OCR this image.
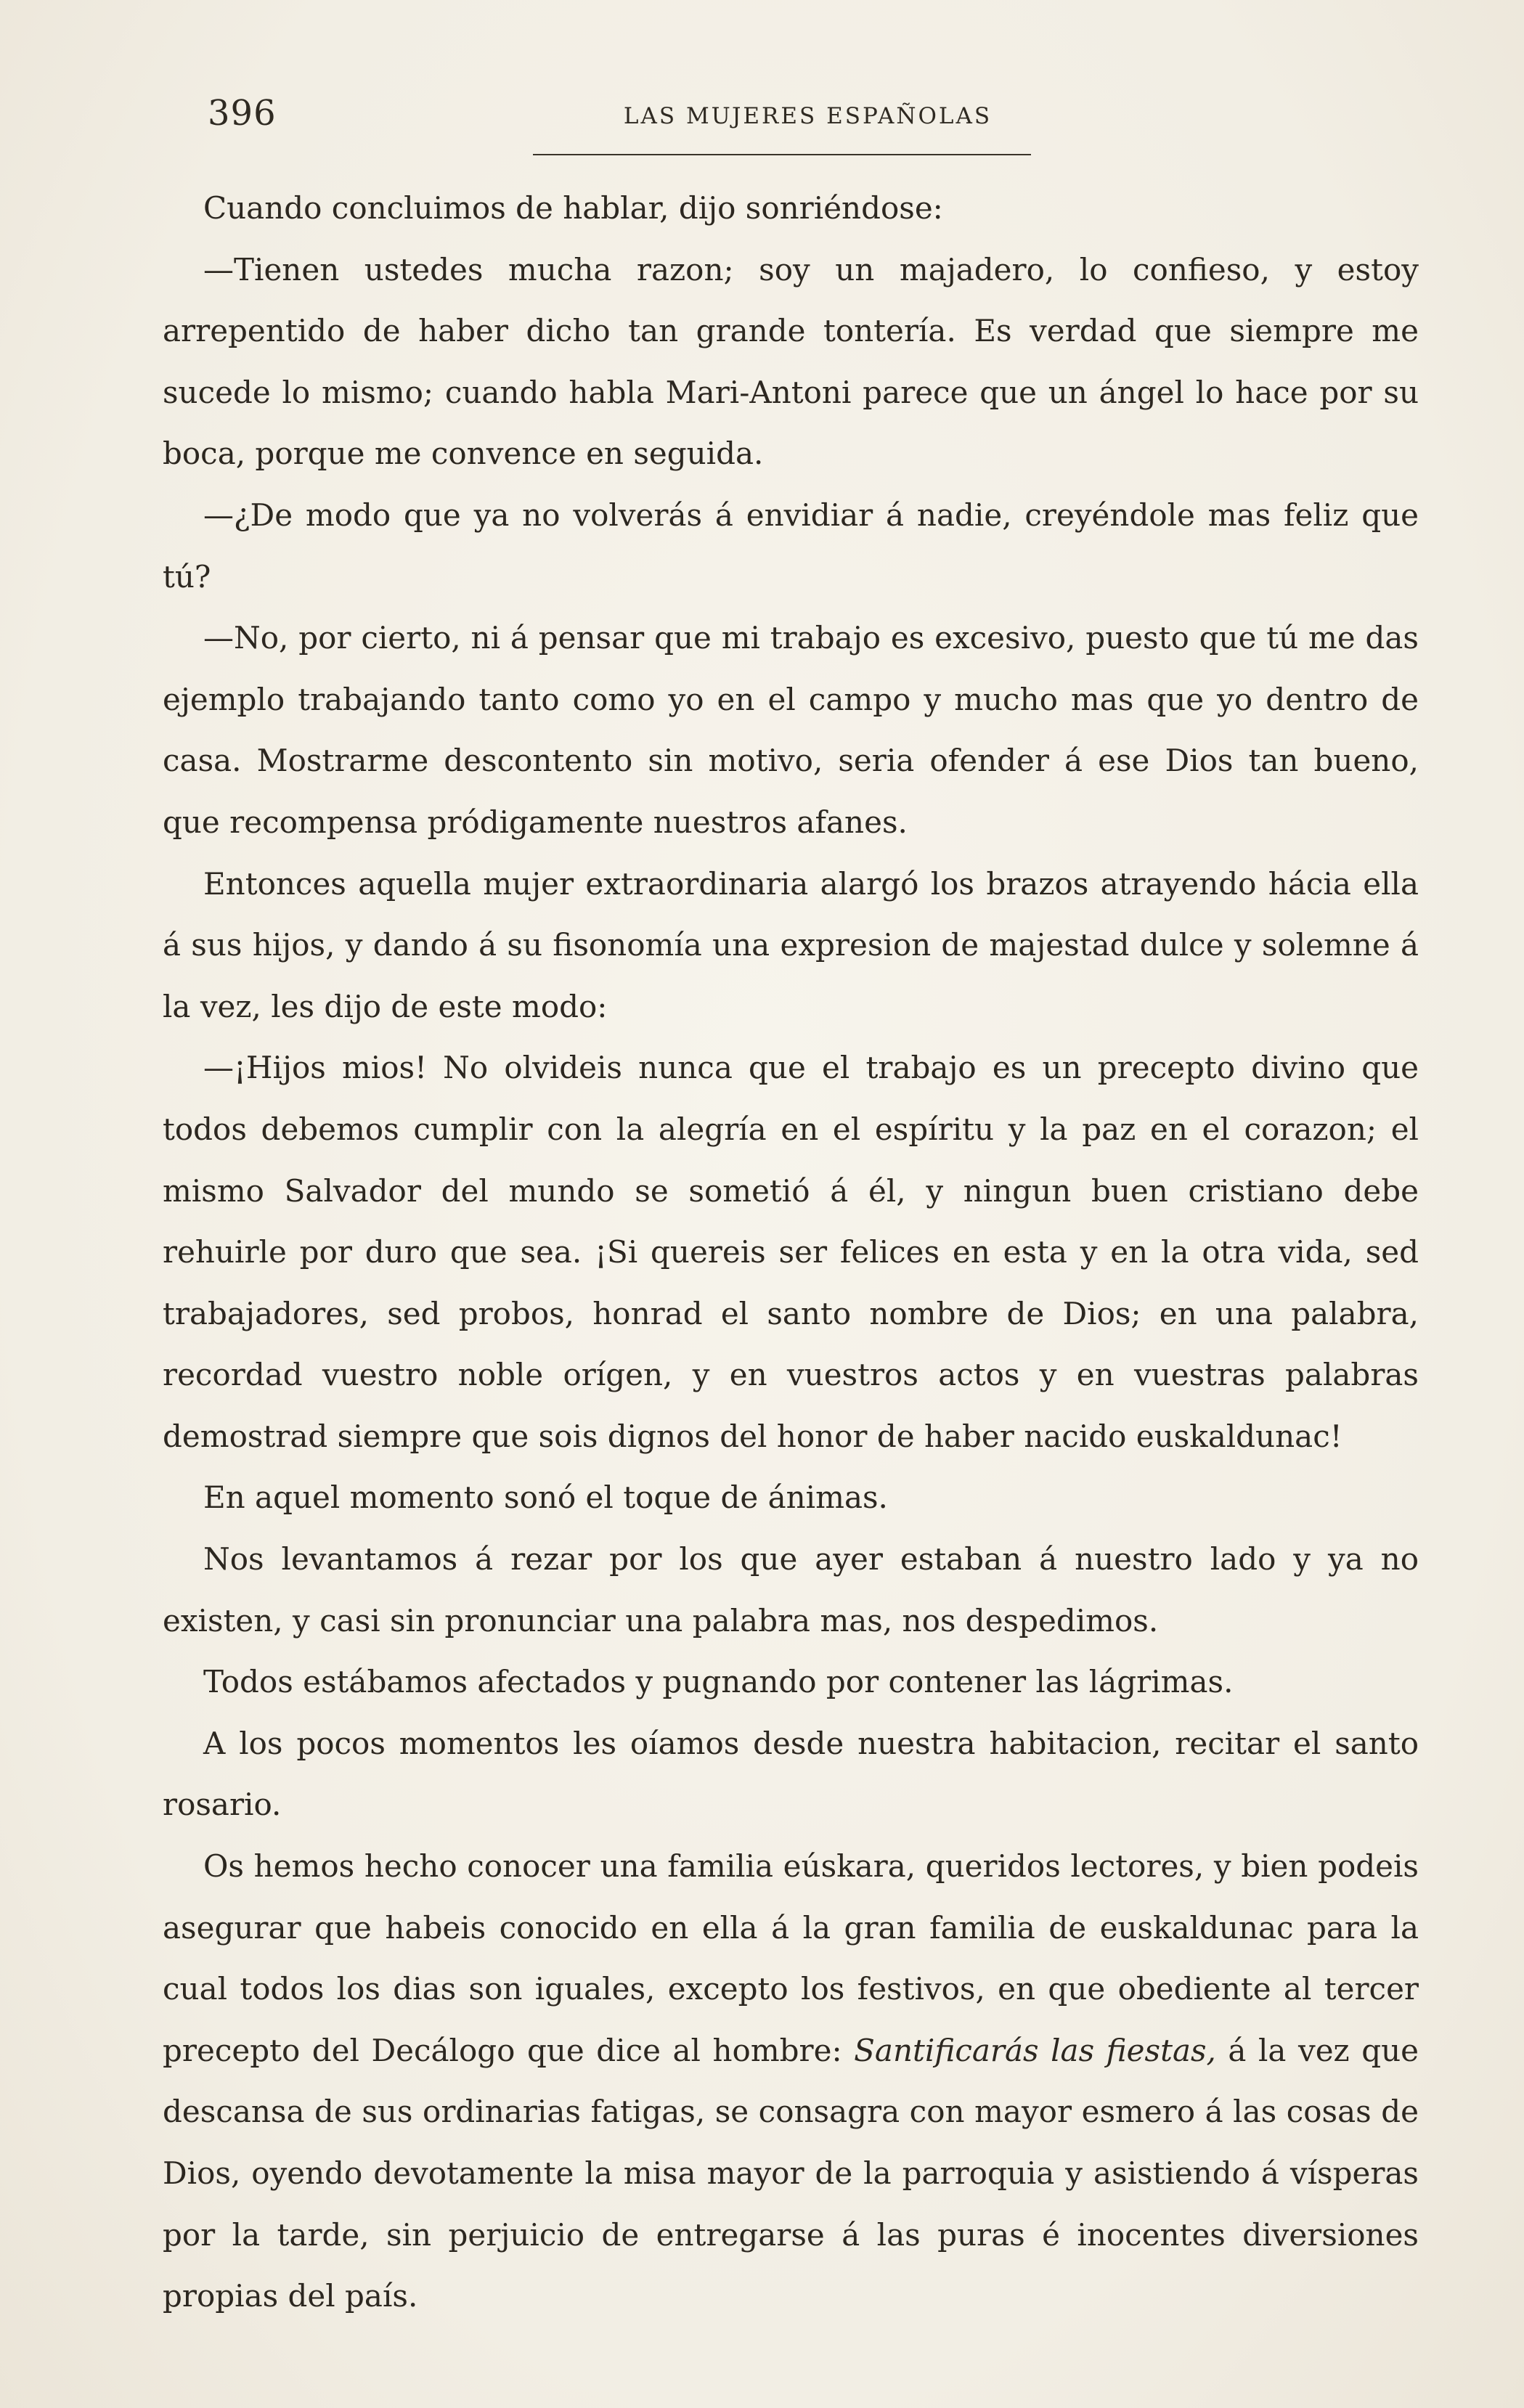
396	LAS MUJERES ESPAÑOLAS

Cuando concluimos de hablar, dijo sonriéndose:

—Tienen ustedes mucha razon; soy un majadero, lo confieso, y estoy arrepentido de haber dicho tan grande tontería. Es verdad que siempre me sucede lo mismo; cuando habla Mari-Antoni parece que un ángel lo hace por su boca, porque me convence en seguida.

—¿De modo que ya no volverás á envidiar á nadie, creyéndole mas feliz que tú?

—No, por cierto, ni á pensar que mi trabajo es excesivo, puesto que tú me das ejemplo trabajando tanto como yo en el campo y mucho mas que yo dentro de casa. Mostrarme descontento sin motivo, seria ofender á ese Dios tan bueno, que recompensa pródigamente nuestros afanes.

Entonces aquella mujer extraordinaria alargó los brazos atrayendo hácia ella á sus hijos, y dando á su fisonomía una expresion de majestad dulce y solemne á la vez, les dijo de este modo:

—¡Hijos mios! No olvideis nunca que el trabajo es un precepto divino que todos debemos cumplir con la alegría en el espíritu y la paz en el corazon; el mismo Salvador del mundo se sometió á él, y ningun buen cristiano debe rehuirle por duro que sea. ¡Si quereis ser felices en esta y en la otra vida, sed trabajadores, sed probos, honrad el santo nombre de Dios; en una palabra, recordad vuestro noble orígen, y en vuestros actos y en vuestras palabras demostrad siempre que sois dignos del honor de haber nacido euskaldunac!

En aquel momento sonó el toque de ánimas.

Nos levantamos á rezar por los que ayer estaban á nuestro lado y ya no existen, y casi sin pronunciar una palabra mas, nos despedimos.

Todos estábamos afectados y pugnando por contener las lágrimas.

A los pocos momentos les oíamos desde nuestra habitacion, recitar el santo rosario.

Os hemos hecho conocer una familia eúskara, queridos lectores, y bien podeis asegurar que habeis conocido en ella á la gran familia de euskaldunac para la cual todos los dias son iguales, excepto los festivos, en que obediente al tercer precepto del Decálogo que dice al hombre: Santificarás las fiestas, á la vez que descansa de sus ordinarias fatigas, se consagra con mayor esmero á las cosas de Dios, oyendo devotamente la misa mayor de la parroquia y asistiendo á vísperas por la tarde, sin perjuicio de entregarse á las puras é inocentes diversiones propias del país.
